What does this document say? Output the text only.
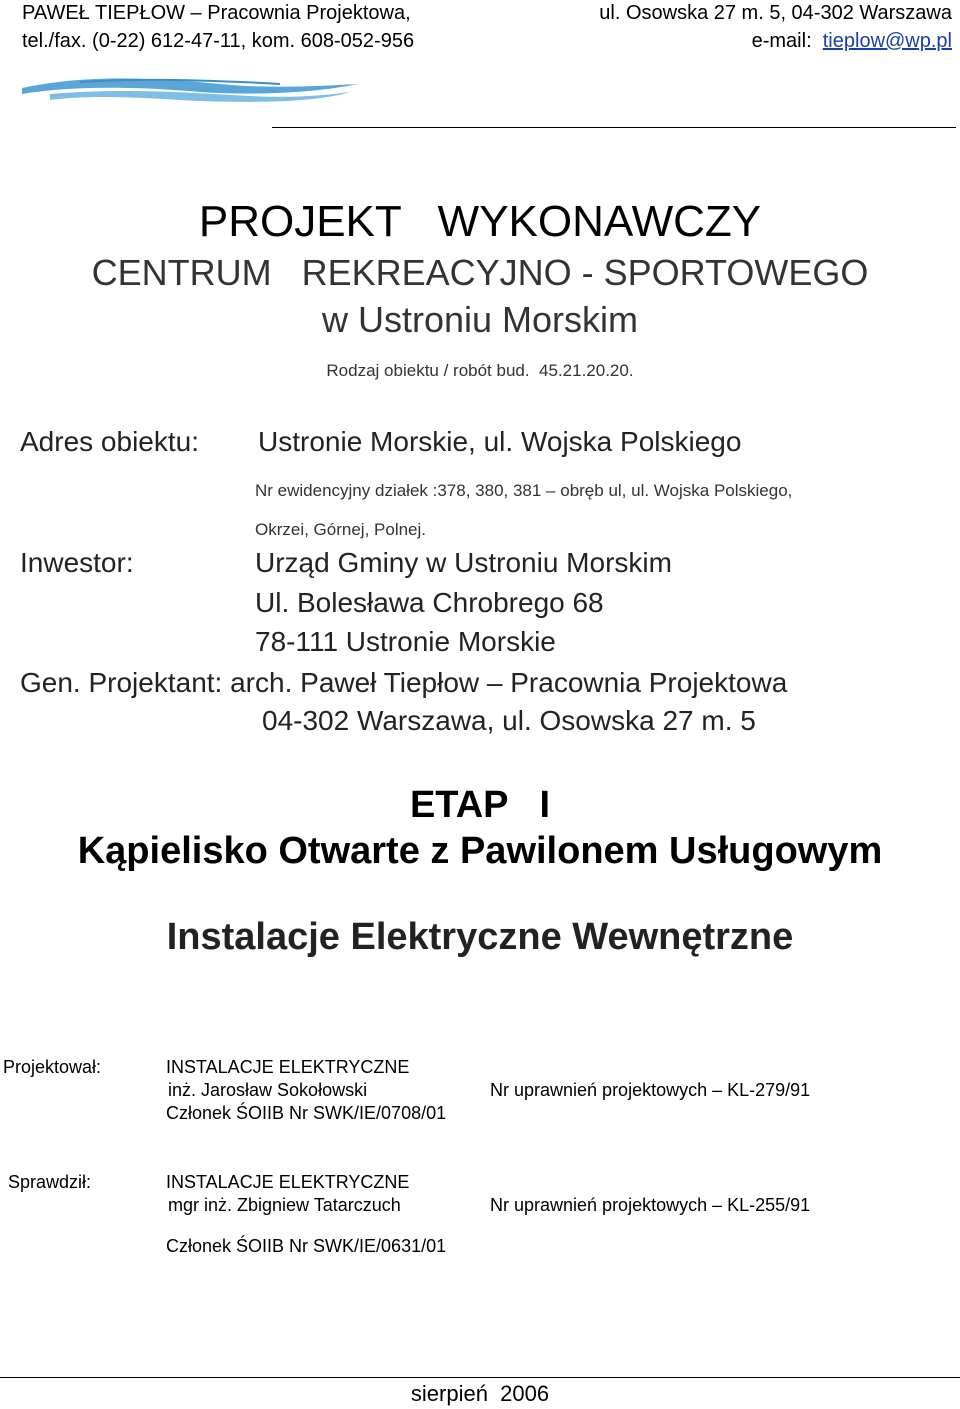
PAWEŁ TIEPŁOW – Pracownia Projektowa,	ul. Osowska 27 m. 5, 04-302 Warszawa
tel./fax. (0-22) 612-47-11, kom. 608-052-956	e-mail: tieplow@wp.pl
PROJEKT   WYKONAWCZY
CENTRUM   REKREACYJNO - SPORTOWEGO
w Ustroniu Morskim
Rodzaj obiektu / robót bud.  45.21.20.20.
Adres obiektu: Ustronie Morskie, ul. Wojska Polskiego
Nr ewidencyjny działek :378, 380, 381 – obręb ul, ul. Wojska Polskiego,
Okrzei, Górnej, Polnej.
Inwestor:	Urząd Gminy w Ustroniu Morskim
Ul. Bolesława Chrobrego 68
78-111 Ustronie Morskie
Gen. Projektant: arch. Paweł Tiepłow – Pracownia Projektowa
04-302 Warszawa, ul. Osowska 27 m. 5
ETAP   I
Kąpielisko Otwarte z Pawilonem Usługowym
Instalacje Elektryczne Wewnętrzne
Projektował:	INSTALACJE ELEKTRYCZNE
inż. Jarosław Sokołowski	Nr uprawnień projektowych – KL-279/91
Członek ŚOIIB Nr SWK/IE/0708/01
Sprawdził:	INSTALACJE ELEKTRYCZNE
mgr inż. Zbigniew Tatarczuch	Nr uprawnień projektowych – KL-255/91
Członek ŚOIIB Nr SWK/IE/0631/01
sierpień  2006
